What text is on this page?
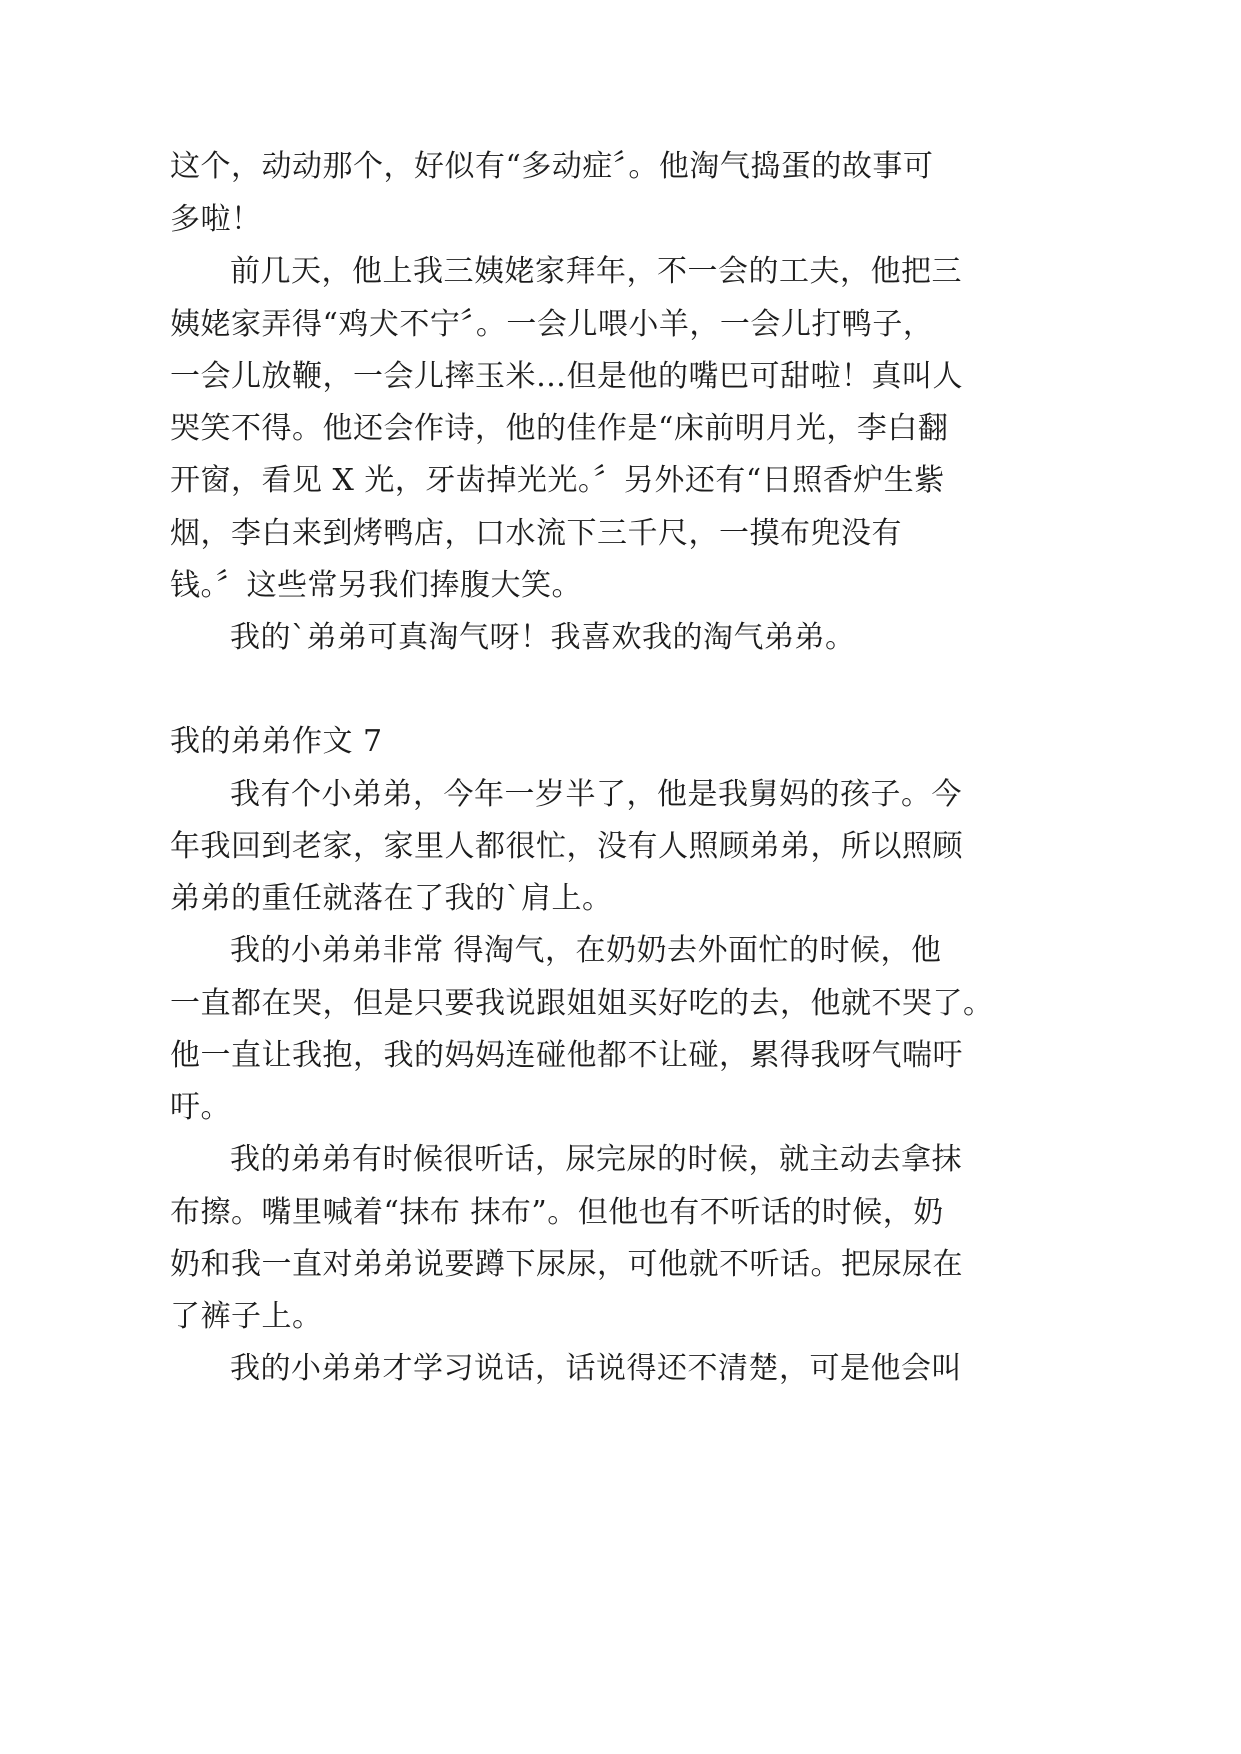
这个，动动那个，好似有“多动症〞。他淘气捣蛋的故事可

多啦！

前几天，他上我三姨姥家拜年，不一会的工夫，他把三

姨姥家弄得“鸡犬不宁〞。一会儿喂小羊，一会儿打鸭子，

一会儿放鞭，一会儿摔玉米…但是他的嘴巴可甜啦！真叫人

哭笑不得。他还会作诗，他的佳作是“床前明月光，李白翻

开窗，看见 X 光，牙齿掉光光。〞另外还有“日照香炉生紫

烟，李白来到烤鸭店，口水流下三千尺，一摸布兜没有

钱。〞这些常另我们捧腹大笑。

我的`弟弟可真淘气呀！我喜欢我的淘气弟弟。

我的弟弟作文 7

我有个小弟弟，今年一岁半了，他是我舅妈的孩子。今

年我回到老家，家里人都很忙，没有人照顾弟弟，所以照顾

弟弟的重任就落在了我的`肩上。

我的小弟弟非常 得淘气，在奶奶去外面忙的时候，他

一直都在哭，但是只要我说跟姐姐买好吃的去，他就不哭了。

他一直让我抱，我的妈妈连碰他都不让碰，累得我呀气喘吁

吁。

我的弟弟有时候很听话，尿完尿的时候，就主动去拿抹

布擦。嘴里喊着“抹布 抹布”。但他也有不听话的时候，奶

奶和我一直对弟弟说要蹲下尿尿，可他就不听话。把尿尿在

了裤子上。

我的小弟弟才学习说话，话说得还不清楚，可是他会叫
